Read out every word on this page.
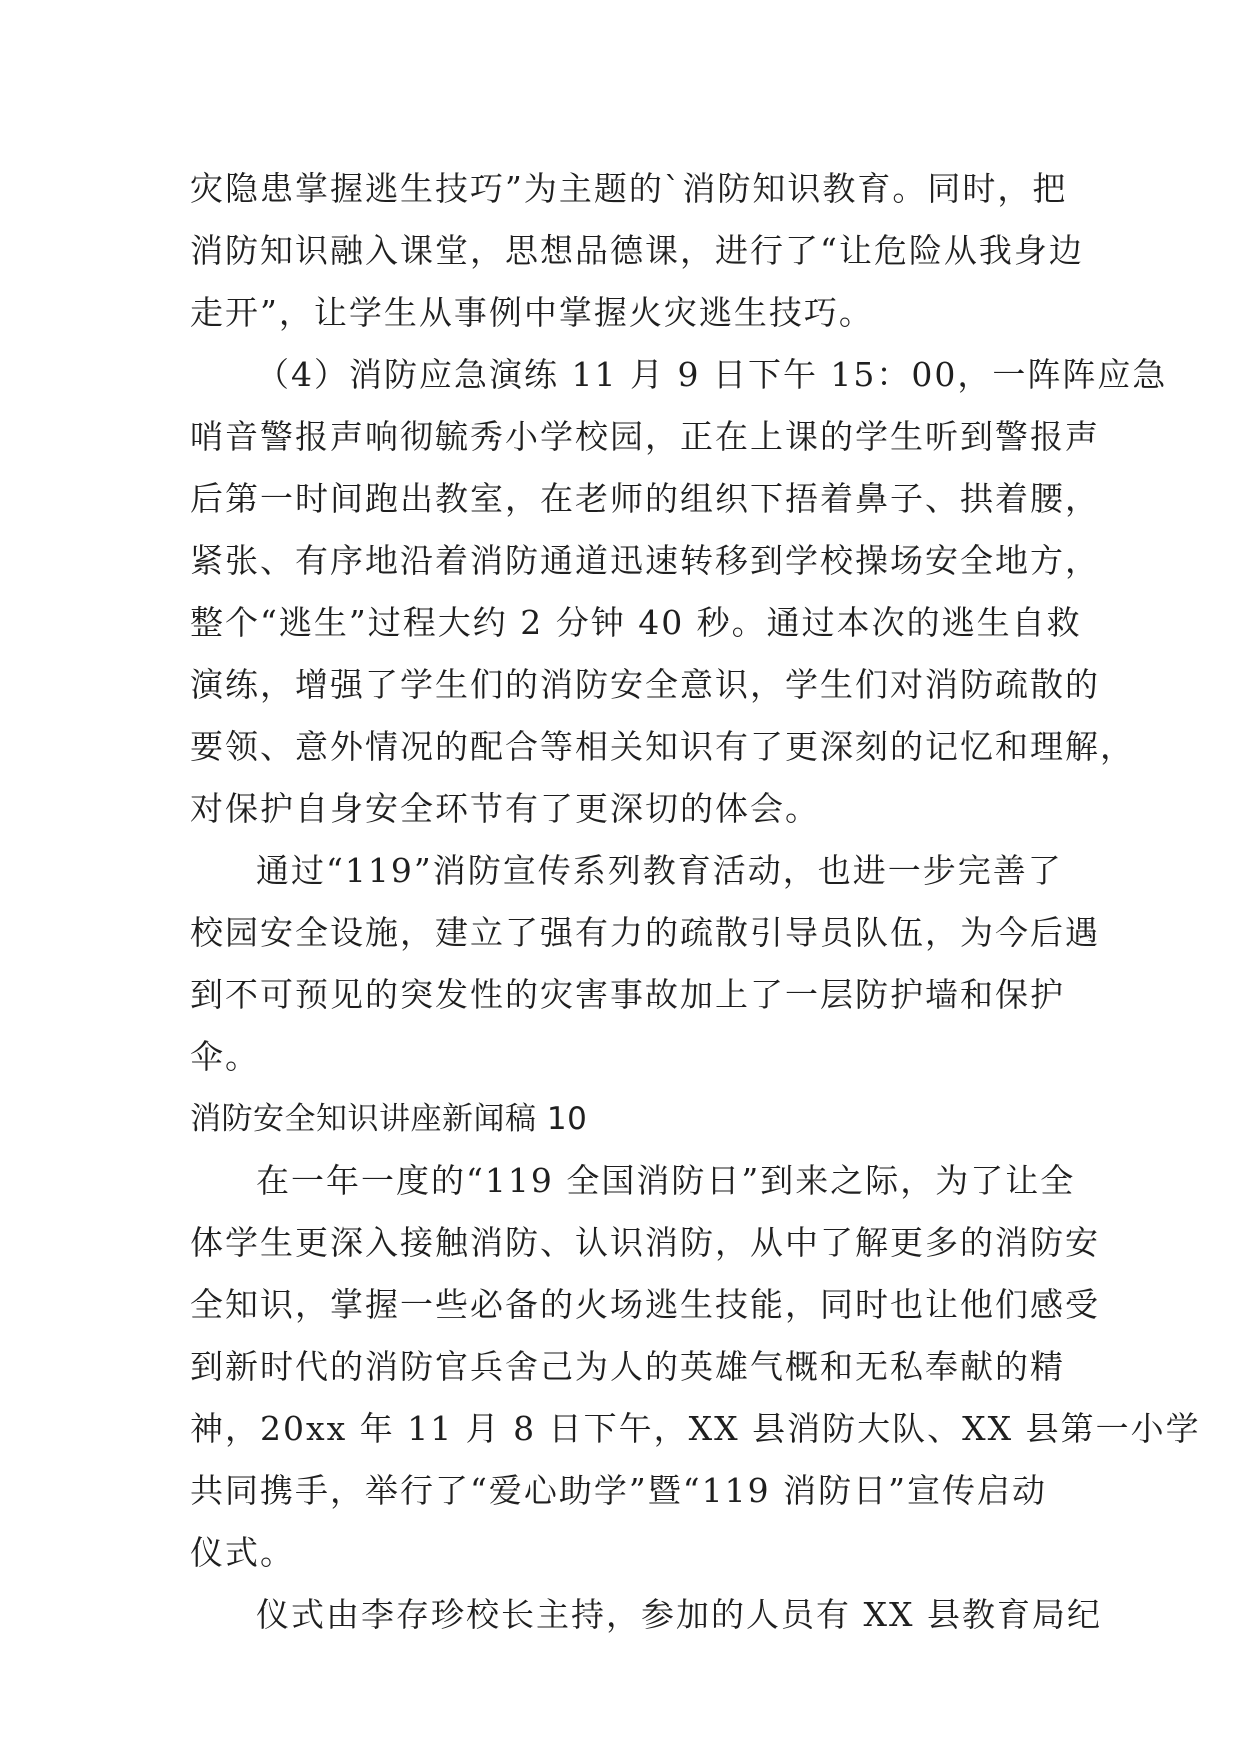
灾隐患掌握逃生技巧”为主题的`消防知识教育。同时，把
消防知识融入课堂，思想品德课，进行了“让危险从我身边
走开”，让学生从事例中掌握火灾逃生技巧。
（4）消防应急演练 11 月 9 日下午 15：00，一阵阵应急
哨音警报声响彻毓秀小学校园，正在上课的学生听到警报声
后第一时间跑出教室，在老师的组织下捂着鼻子、拱着腰，
紧张、有序地沿着消防通道迅速转移到学校操场安全地方，
整个“逃生”过程大约 2 分钟 40 秒。通过本次的逃生自救
演练，增强了学生们的消防安全意识，学生们对消防疏散的
要领、意外情况的配合等相关知识有了更深刻的记忆和理解，
对保护自身安全环节有了更深切的体会。
通过“119”消防宣传系列教育活动，也进一步完善了
校园安全设施，建立了强有力的疏散引导员队伍，为今后遇
到不可预见的突发性的灾害事故加上了一层防护墙和保护
伞。
消防安全知识讲座新闻稿 10
在一年一度的“119 全国消防日”到来之际，为了让全
体学生更深入接触消防、认识消防，从中了解更多的消防安
全知识，掌握一些必备的火场逃生技能，同时也让他们感受
到新时代的消防官兵舍己为人的英雄气概和无私奉献的精
神，20xx 年 11 月 8 日下午，XX 县消防大队、XX 县第一小学
共同携手，举行了“爱心助学”暨“119 消防日”宣传启动
仪式。
仪式由李存珍校长主持，参加的人员有 XX 县教育局纪
